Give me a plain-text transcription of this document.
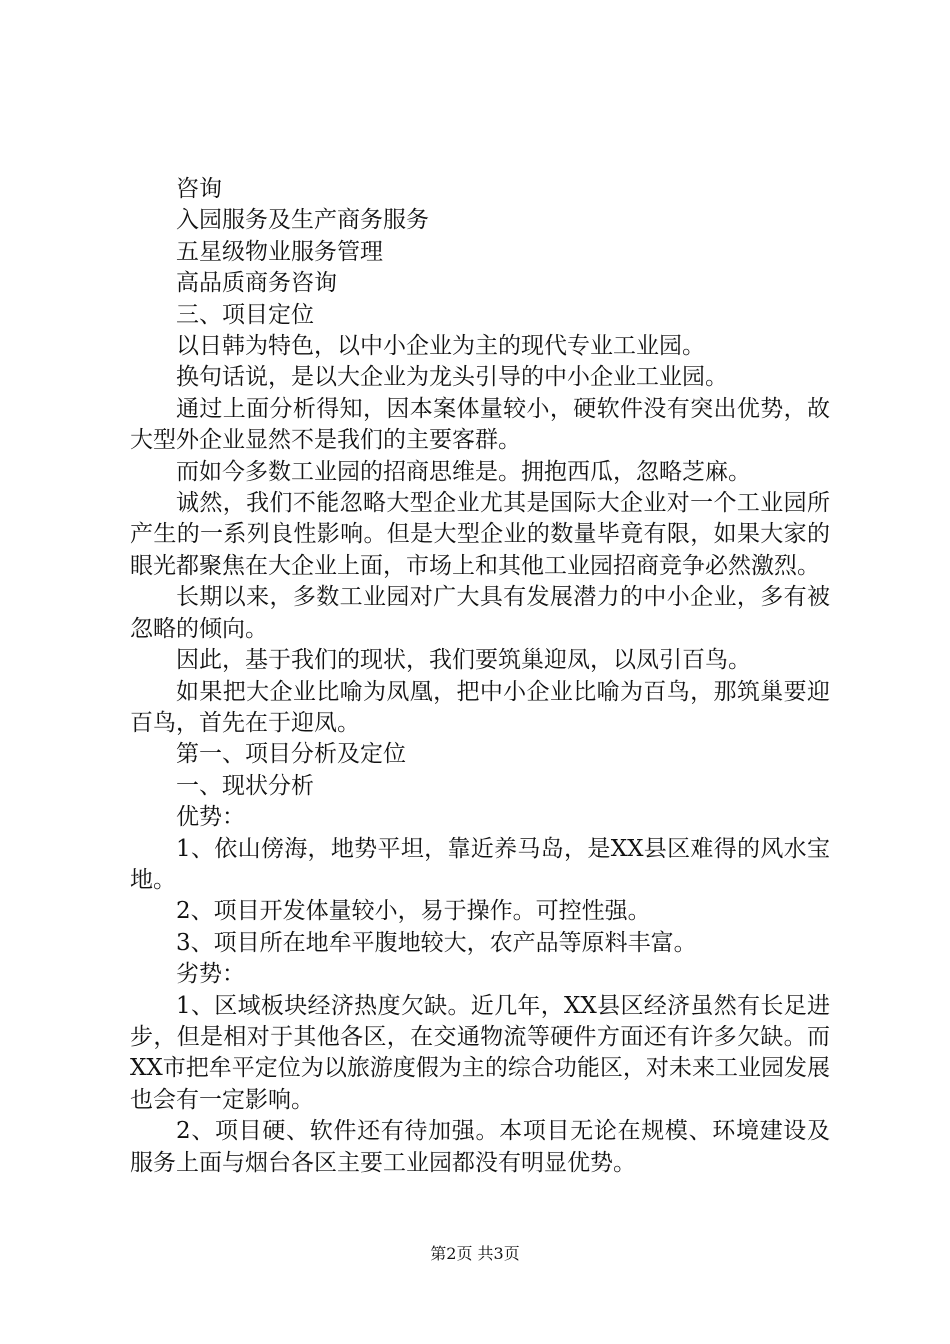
咨询

入园服务及生产商务服务

五星级物业服务管理

高品质商务咨询

三、项目定位

以日韩为特色，以中小企业为主的现代专业工业园。

换句话说，是以大企业为龙头引导的中小企业工业园。

通过上面分析得知，因本案体量较小，硬软件没有突出优势，故大型外企业显然不是我们的主要客群。

而如今多数工业园的招商思维是。拥抱西瓜，忽略芝麻。

诚然，我们不能忽略大型企业尤其是国际大企业对一个工业园所产生的一系列良性影响。但是大型企业的数量毕竟有限，如果大家的眼光都聚焦在大企业上面，市场上和其他工业园招商竞争必然激烈。

长期以来，多数工业园对广大具有发展潜力的中小企业，多有被忽略的倾向。

因此，基于我们的现状，我们要筑巢迎凤，以凤引百鸟。

如果把大企业比喻为凤凰，把中小企业比喻为百鸟，那筑巢要迎百鸟，首先在于迎凤。

第一、项目分析及定位

一、现状分析

优势：

1、依山傍海，地势平坦，靠近养马岛，是XX县区难得的风水宝地。

2、项目开发体量较小，易于操作。可控性强。

3、项目所在地牟平腹地较大，农产品等原料丰富。

劣势：

1、区域板块经济热度欠缺。近几年，XX县区经济虽然有长足进步，但是相对于其他各区，在交通物流等硬件方面还有许多欠缺。而XX市把牟平定位为以旅游度假为主的综合功能区，对未来工业园发展也会有一定影响。

2、项目硬、软件还有待加强。本项目无论在规模、环境建设及服务上面与烟台各区主要工业园都没有明显优势。

第2页 共3页
